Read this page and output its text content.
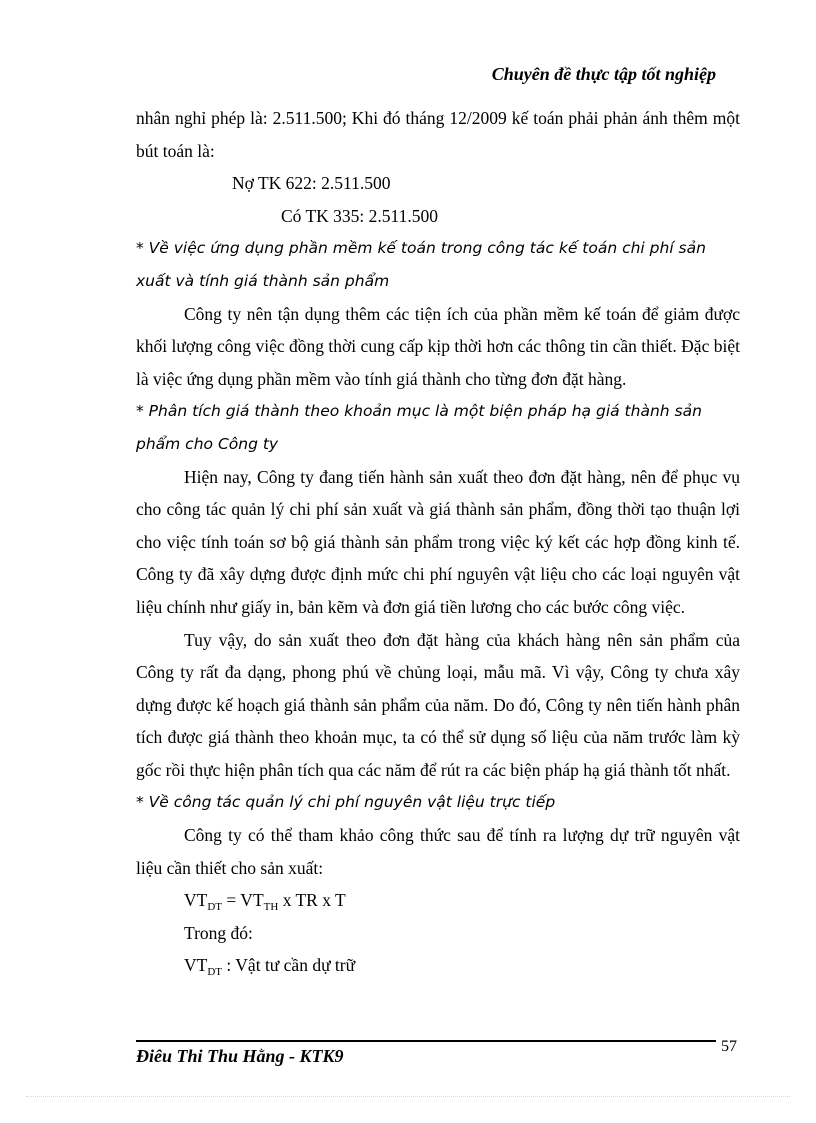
Chuyên đề thực tập tốt nghiệp

nhân nghỉ phép là: 2.511.500; Khi đó tháng 12/2009 kế toán phải phản ánh thêm một bút toán là:

Nợ TK 622: 2.511.500

Có TK 335: 2.511.500

* Về việc ứng dụng phần mềm kế toán trong công tác kế toán chi phí sản xuất và tính giá thành sản phẩm

Công ty nên tận dụng thêm các tiện ích của phần mềm kế toán để giảm được khối lượng công việc đồng thời cung cấp kịp thời hơn các thông tin cần thiết. Đặc biệt là việc ứng dụng phần mềm vào tính giá thành cho từng đơn đặt hàng.

* Phân tích giá thành theo khoản mục là một biện pháp hạ giá thành sản phẩm cho Công ty

Hiện nay, Công ty đang tiến hành sản xuất theo đơn đặt hàng, nên để phục vụ cho công tác quản lý chi phí sản xuất và giá thành sản phẩm, đồng thời tạo thuận lợi cho việc tính toán sơ bộ giá thành sản phẩm trong việc ký kết các hợp đồng kinh tế. Công ty đã xây dựng được định mức chi phí nguyên vật liệu cho các loại nguyên vật liệu chính như giấy in, bản kẽm và đơn giá tiền lương cho các bước công việc.

Tuy vậy, do sản xuất theo đơn đặt hàng của khách hàng nên sản phẩm của Công ty rất đa dạng, phong phú về chủng loại, mẫu mã. Vì vậy, Công ty chưa xây dựng được kế hoạch giá thành sản phẩm của năm. Do đó, Công ty nên tiến hành phân tích được giá thành theo khoản mục, ta có thể sử dụng số liệu của năm trước làm kỳ gốc rồi thực hiện phân tích qua các năm để rút ra các biện pháp hạ giá thành tốt nhất.

* Về công tác quản lý chi phí nguyên vật liệu trực tiếp

Công ty có thể tham khảo công thức sau để tính ra lượng dự trữ nguyên vật liệu cần thiết cho sản xuất:

$VT_{DT} = VT_{TH}$ x TR x T

Trong đó:

$VT_{DT}$ : Vật tư cần dự trữ

Điêu Thi Thu Hằng - KTK9	57
